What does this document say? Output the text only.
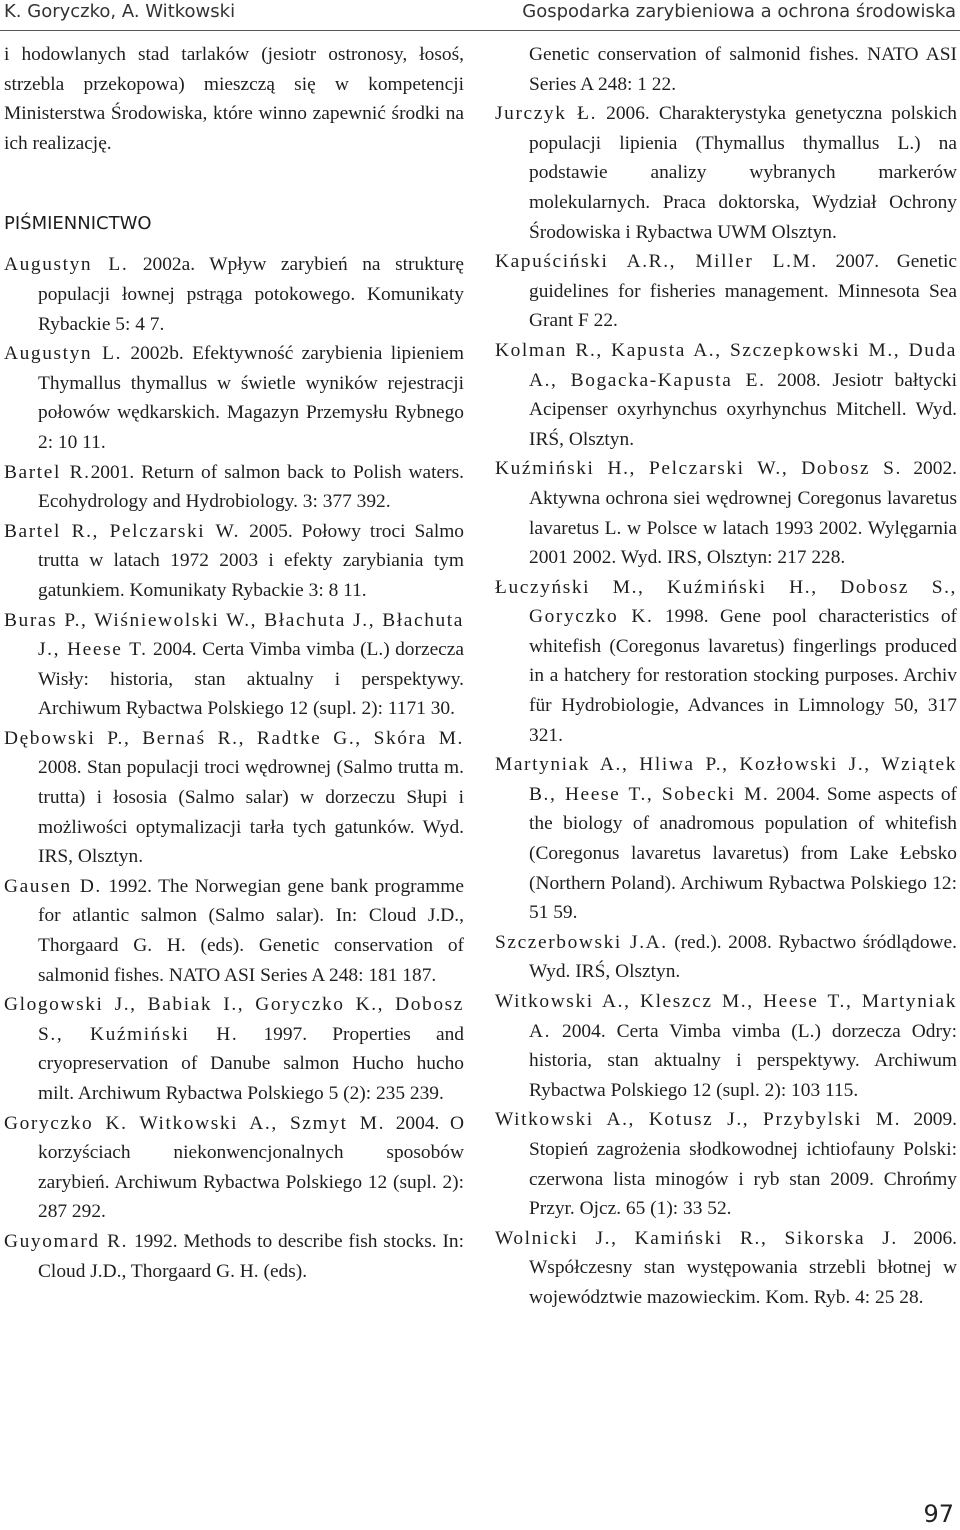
K. Goryczko, A. Witkowski	Gospodarka zarybieniowa a ochrona środowiska

i hodowlanych stad tarlaków (jesiotr ostronosy, łosoś, strzebla przekopowa) mieszczą się w kompetencji Ministerstwa Środowiska, które winno zapewnić środki na ich realizację.

PIŚMIENNICTWO

Augustyn L. 2002a. Wpływ zarybień na strukturę populacji łownej pstrąga potokowego. Komunikaty Rybackie 5: 4 7.

Augustyn L. 2002b. Efektywność zarybienia lipieniem Thymallus thymallus w świetle wyników rejestracji połowów wędkarskich. Magazyn Przemysłu Rybnego 2: 10 11.

Bartel R.2001. Return of salmon back to Polish waters. Ecohydrology and Hydrobiology. 3: 377 392.

Bartel R., Pelczarski W. 2005. Połowy troci Salmo trutta w latach 1972 2003 i efekty zarybiania tym gatunkiem. Komunikaty Rybackie 3: 8 11.

Buras P., Wiśniewolski W., Błachuta J., Błachuta J., Heese T. 2004. Certa Vimba vimba (L.) dorzecza Wisły: historia, stan aktualny i perspektywy. Archiwum Rybactwa Polskiego 12 (supl. 2): 1171 30.

Dębowski P., Bernaś R., Radtke G., Skóra M. 2008. Stan populacji troci wędrownej (Salmo trutta m. trutta) i łososia (Salmo salar) w dorzeczu Słupi i możliwości optymalizacji tarła tych gatunków. Wyd. IRS, Olsztyn.

Gausen D. 1992. The Norwegian gene bank programme for atlantic salmon (Salmo salar). In: Cloud J.D., Thorgaard G. H. (eds). Genetic conservation of salmonid fishes. NATO ASI Series A 248: 181 187.

Glogowski J., Babiak I., Goryczko K., Dobosz S., Kuźmiński H. 1997. Properties and cryopreservation of Danube salmon Hucho hucho milt. Archiwum Rybactwa Polskiego 5 (2): 235 239.

Goryczko K. Witkowski A., Szmyt M. 2004. O korzyściach niekonwencjonalnych sposobów zarybień. Archiwum Rybactwa Polskiego 12 (supl. 2): 287 292.

Guyomard R. 1992. Methods to describe fish stocks. In: Cloud J.D., Thorgaard G. H. (eds).

Genetic conservation of salmonid fishes. NATO ASI Series A 248: 1 22.

Jurczyk Ł. 2006. Charakterystyka genetyczna polskich populacji lipienia (Thymallus thymallus L.) na podstawie analizy wybranych markerów molekularnych. Praca doktorska, Wydział Ochrony Środowiska i Rybactwa UWM Olsztyn.

Kapuściński A.R., Miller L.M. 2007. Genetic guidelines for fisheries management. Minnesota Sea Grant F 22.

Kolman R., Kapusta A., Szczepkowski M., Duda A., Bogacka-Kapusta E. 2008. Jesiotr bałtycki Acipenser oxyrhynchus oxyrhynchus Mitchell. Wyd. IRŚ, Olsztyn.

Kuźmiński H., Pelczarski W., Dobosz S. 2002. Aktywna ochrona siei wędrownej Coregonus lavaretus lavaretus L. w Polsce w latach 1993 2002. Wylęgarnia 2001 2002. Wyd. IRS, Olsztyn: 217 228.

Łuczyński M., Kuźmiński H., Dobosz S., Goryczko K. 1998. Gene pool characteristics of whitefish (Coregonus lavaretus) fingerlings produced in a hatchery for restoration stocking purposes. Archiv für Hydrobiologie, Advances in Limnology 50, 317 321.

Martyniak A., Hliwa P., Kozłowski J., Wziątek B., Heese T., Sobecki M. 2004. Some aspects of the biology of anadromous population of whitefish (Coregonus lavaretus lavaretus) from Lake Łebsko (Northern Poland). Archiwum Rybactwa Polskiego 12: 51 59.

Szczerbowski J.A. (red.). 2008. Rybactwo śródlądowe. Wyd. IRŚ, Olsztyn.

Witkowski A., Kleszcz M., Heese T., Martyniak A. 2004. Certa Vimba vimba (L.) dorzecza Odry: historia, stan aktualny i perspektywy. Archiwum Rybactwa Polskiego 12 (supl. 2): 103 115.

Witkowski A., Kotusz J., Przybylski M. 2009. Stopień zagrożenia słodkowodnej ichtiofauny Polski: czerwona lista minogów i ryb stan 2009. Chrońmy Przyr. Ojcz. 65 (1): 33 52.

Wolnicki J., Kamiński R., Sikorska J. 2006. Współczesny stan występowania strzebli błotnej w województwie mazowieckim. Kom. Ryb. 4: 25 28.

97
